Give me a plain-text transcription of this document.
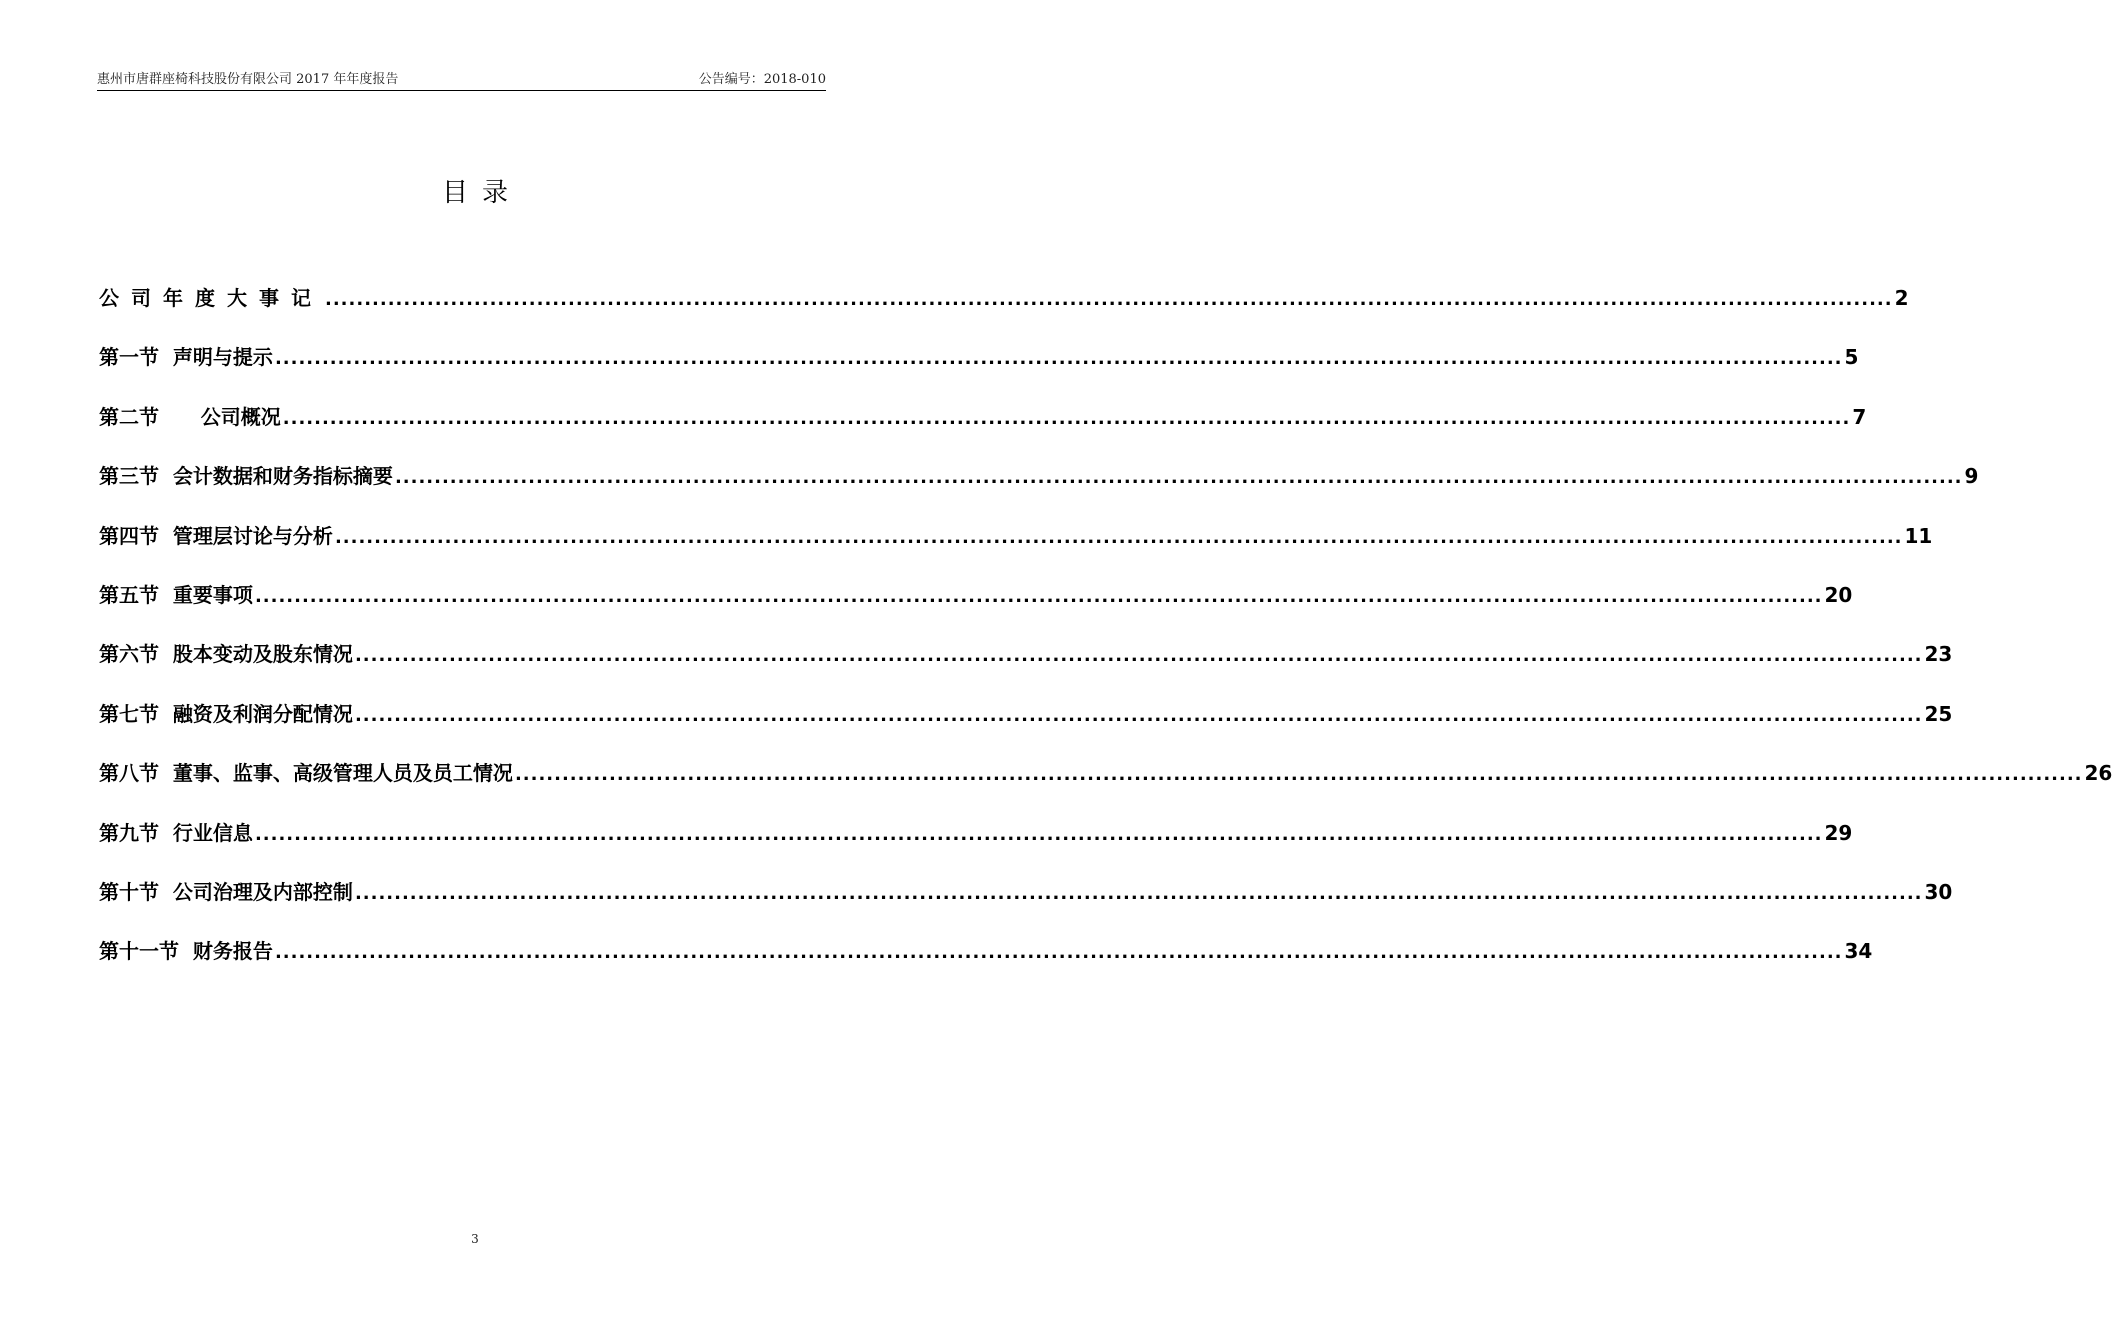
惠州市唐群座椅科技股份有限公司 2017 年年度报告	公告编号：2018-010
目录
公司年度大事记 ........................................................................................................................................................................................................ 2
第一节  声明与提示 ........................................................................................................................................................................................................ 5
第二节      公司概况 ........................................................................................................................................................................................................ 7
第三节  会计数据和财务指标摘要 ........................................................................................................................................................................................................ 9
第四节  管理层讨论与分析 ........................................................................................................................................................................................................ 11
第五节  重要事项 ........................................................................................................................................................................................................ 20
第六节  股本变动及股东情况 ........................................................................................................................................................................................................ 23
第七节  融资及利润分配情况 ........................................................................................................................................................................................................ 25
第八节  董事、监事、高级管理人员及员工情况 ........................................................................................................................................................................................................ 26
第九节  行业信息 ........................................................................................................................................................................................................ 29
第十节  公司治理及内部控制 ........................................................................................................................................................................................................ 30
第十一节  财务报告 ........................................................................................................................................................................................................ 34
3
